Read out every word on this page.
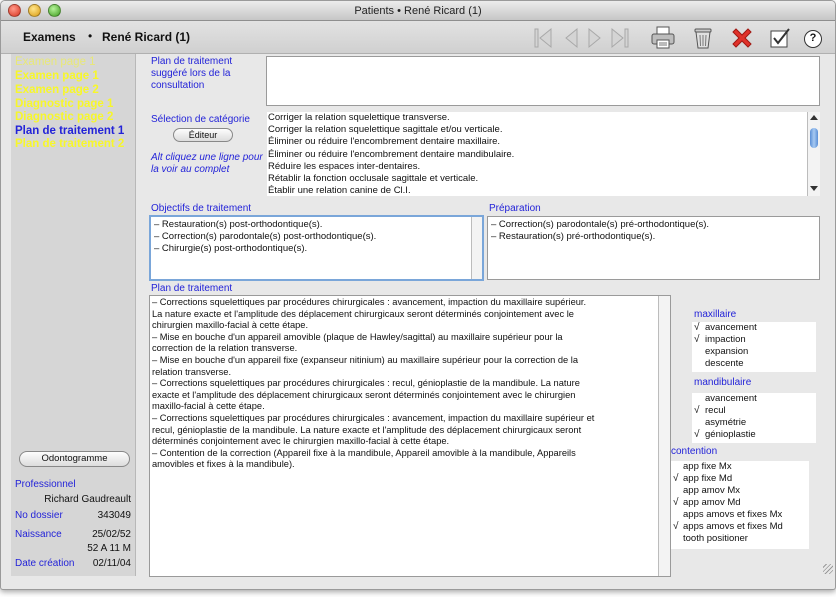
Patients • René Ricard (1)
Examens • René Ricard (1)	?
Examen page 1
Examen page 1
Examen page 2
Diagnostic page 1
Diagnostic page 2
Plan de traitement 1
Plan de traitement 2
Odontogramme
Professionnel
Richard Gaudreault
No dossier	343049
Naissance	25/02/52
52 A 11 M
Date création 02/11/04
Plan de traitement suggéré lors de la consultation
Sélection de catégorie
Éditeur
Alt cliquez une ligne pour la voir au complet
Corriger la relation squelettique transverse.
Corriger la relation squelettique sagittale et/ou verticale.
Éliminer ou réduire l'encombrement dentaire maxillaire.
Éliminer ou réduire l'encombrement dentaire mandibulaire.
Réduire les espaces inter-dentaires.
Rétablir la fonction occlusale sagittale et verticale.
Établir une relation canine de Cl.I.
Objectifs de traitement
– Restauration(s) post-orthodontique(s).
– Correction(s) parodontale(s) post-orthodontique(s).
– Chirurgie(s) post-orthodontique(s).
Préparation
– Correction(s) parodontale(s) pré-orthodontique(s).
– Restauration(s) pré-orthodontique(s).
Plan de traitement
– Corrections squelettiques par procédures chirurgicales : avancement, impaction du maxillaire supérieur.
La nature exacte et l'amplitude des déplacement chirurgicaux seront déterminés conjointement avec le
chirurgien maxillo-facial à cette étape.
– Mise en bouche d'un appareil amovible (plaque de Hawley/sagittal) au maxillaire supérieur pour la
correction de la relation transverse.
– Mise en bouche d'un appareil fixe (expanseur nitinium) au maxillaire supérieur pour la correction de la
relation transverse.
– Corrections squelettiques par procédures chirurgicales : recul, génioplastie de la mandibule. La nature
exacte et l'amplitude des déplacement chirurgicaux seront déterminés conjointement avec le chirurgien
maxillo-facial à cette étape.
– Corrections squelettiques par procédures chirurgicales : avancement, impaction du maxillaire supérieur et
recul, génioplastie de la mandibule. La nature exacte et l'amplitude des déplacement chirurgicaux seront
déterminés conjointement avec le chirurgien maxillo-facial à cette étape.
– Contention de la correction (Appareil fixe à la mandibule, Appareil amovible à la mandibule, Appareils
amovibles et fixes à la mandibule).
maxillaire
√ avancement
√ impaction
expansion
descente
mandibulaire
avancement
√ recul
asymétrie
√ génioplastie
contention
app fixe Mx
√ app fixe Md
app amov Mx
√ app amov Md
apps amovs et fixes Mx
√ apps amovs et fixes Md
tooth positioner
